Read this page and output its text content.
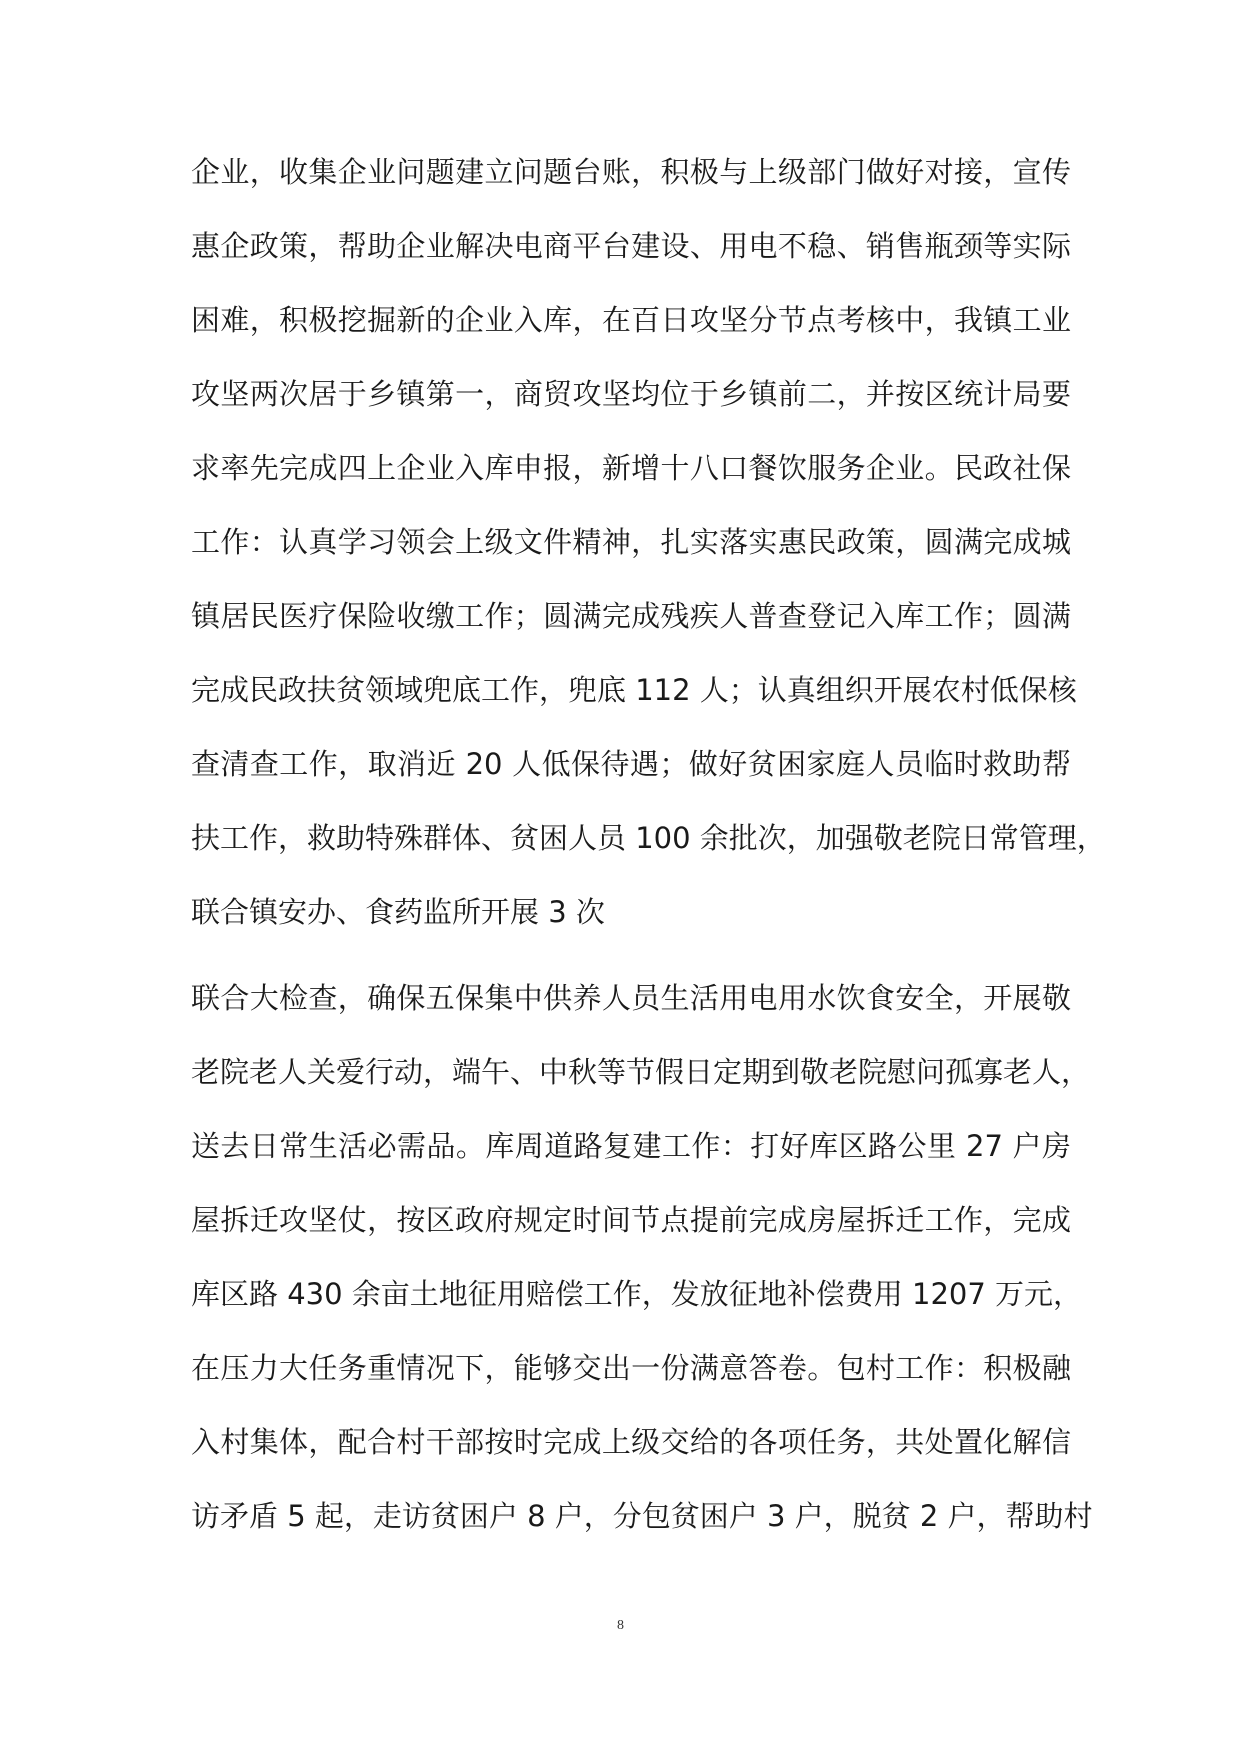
企业，收集企业问题建立问题台账，积极与上级部门做好对接，宣传
惠企政策，帮助企业解决电商平台建设、用电不稳、销售瓶颈等实际
困难，积极挖掘新的企业入库，在百日攻坚分节点考核中，我镇工业
攻坚两次居于乡镇第一，商贸攻坚均位于乡镇前二，并按区统计局要
求率先完成四上企业入库申报，新增十八口餐饮服务企业。民政社保
工作：认真学习领会上级文件精神，扎实落实惠民政策，圆满完成城
镇居民医疗保险收缴工作；圆满完成残疾人普查登记入库工作；圆满
完成民政扶贫领域兜底工作，兜底 112 人；认真组织开展农村低保核
查清查工作，取消近 20 人低保待遇；做好贫困家庭人员临时救助帮
扶工作，救助特殊群体、贫困人员 100 余批次，加强敬老院日常管理，
联合镇安办、食药监所开展 3 次
联合大检查，确保五保集中供养人员生活用电用水饮食安全，开展敬
老院老人关爱行动，端午、中秋等节假日定期到敬老院慰问孤寡老人，
送去日常生活必需品。库周道路复建工作：打好库区路公里 27 户房
屋拆迁攻坚仗，按区政府规定时间节点提前完成房屋拆迁工作，完成
库区路 430 余亩土地征用赔偿工作，发放征地补偿费用 1207 万元，
在压力大任务重情况下，能够交出一份满意答卷。包村工作：积极融
入村集体，配合村干部按时完成上级交给的各项任务，共处置化解信
访矛盾 5 起，走访贫困户 8 户，分包贫困户 3 户，脱贫 2 户，帮助村
8
